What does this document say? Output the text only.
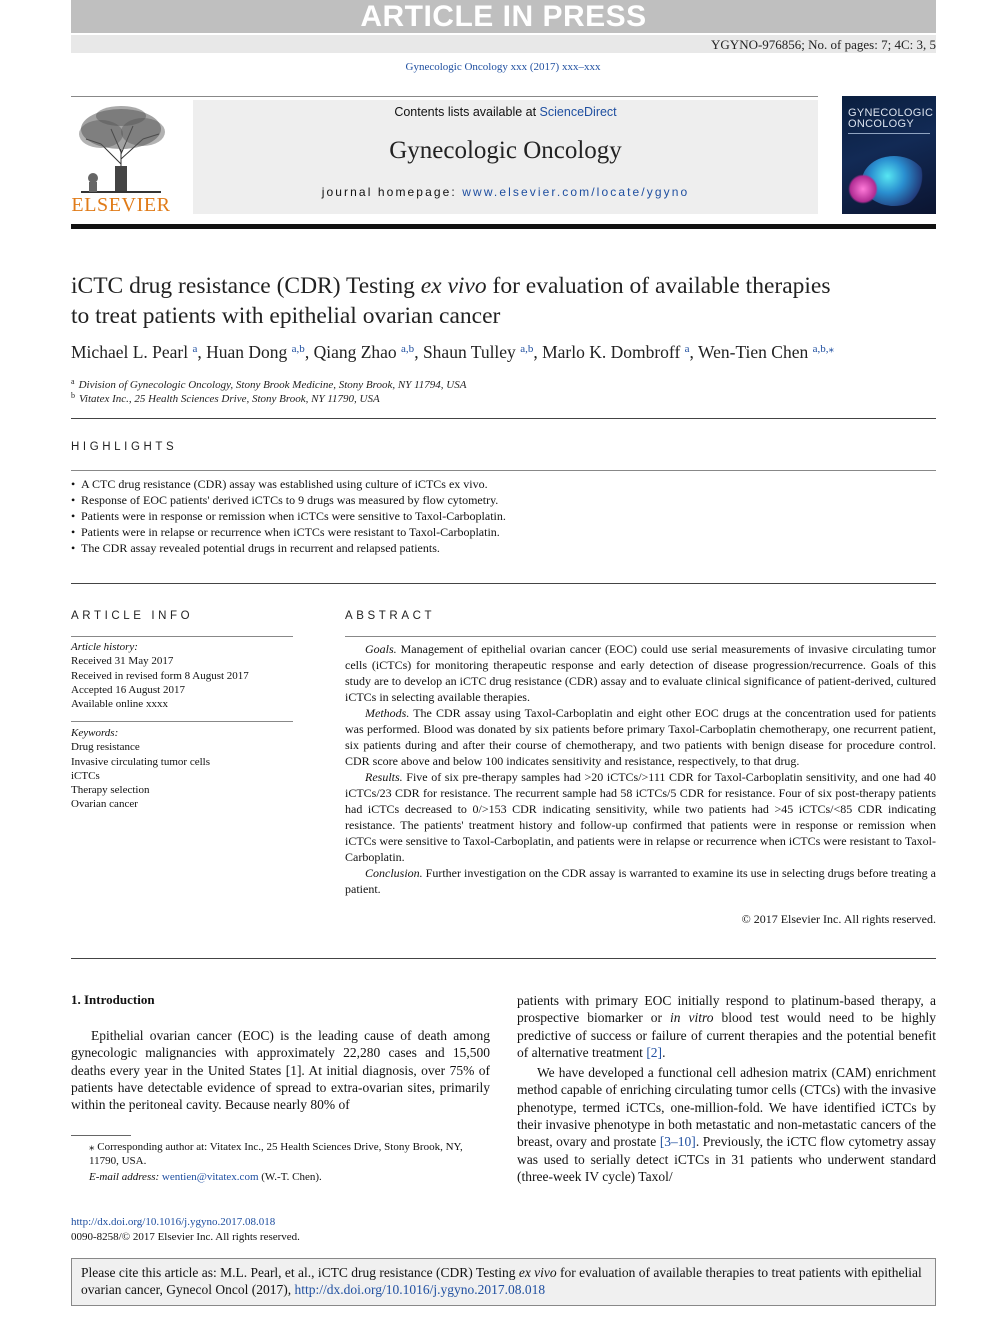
ARTICLE IN PRESS
YGYNO-976856; No. of pages: 7; 4C: 3, 5
Gynecologic Oncology xxx (2017) xxx–xxx
ELSEVIER
Contents lists available at ScienceDirect
Gynecologic Oncology
journal homepage: www.elsevier.com/locate/ygyno
GYNECOLOGIC
ONCOLOGY
iCTC drug resistance (CDR) Testing ex vivo for evaluation of available therapies to treat patients with epithelial ovarian cancer
Michael L. Pearl $^a$, Huan Dong $^{a,b}$, Qiang Zhao $^{a,b}$, Shaun Tulley $^{a,b}$, Marlo K. Dombroff $^a$, Wen-Tien Chen $^{a,b,⁎}$
$^a$ Division of Gynecologic Oncology, Stony Brook Medicine, Stony Brook, NY 11794, USA
$^b$ Vitatex Inc., 25 Health Sciences Drive, Stony Brook, NY 11790, USA
HIGHLIGHTS
• A CTC drug resistance (CDR) assay was established using culture of iCTCs ex vivo.
• Response of EOC patients' derived iCTCs to 9 drugs was measured by flow cytometry.
• Patients were in response or remission when iCTCs were sensitive to Taxol-Carboplatin.
• Patients were in relapse or recurrence when iCTCs were resistant to Taxol-Carboplatin.
• The CDR assay revealed potential drugs in recurrent and relapsed patients.
ARTICLE INFO
Article history:
Received 31 May 2017
Received in revised form 8 August 2017
Accepted 16 August 2017
Available online xxxx
Keywords:
Drug resistance
Invasive circulating tumor cells
iCTCs
Therapy selection
Ovarian cancer
ABSTRACT

Goals. Management of epithelial ovarian cancer (EOC) could use serial measurements of invasive circulating tumor cells (iCTCs) for monitoring therapeutic response and early detection of disease progression/recurrence. Goals of this study are to develop an iCTC drug resistance (CDR) assay and to evaluate clinical significance of patient-derived, cultured iCTCs in selecting available therapies.

Methods. The CDR assay using Taxol-Carboplatin and eight other EOC drugs at the concentration used for patients was performed. Blood was donated by six patients before primary Taxol-Carboplatin chemotherapy, one recurrent patient, six patients during and after their course of chemotherapy, and two patients with benign disease for procedure control. CDR score above and below 100 indicates sensitivity and resistance, respectively, to that drug.

Results. Five of six pre-therapy samples had >20 iCTCs/>111 CDR for Taxol-Carboplatin sensitivity, and one had 40 iCTCs/23 CDR for resistance. The recurrent sample had 58 iCTCs/5 CDR for resistance. Four of six post-therapy patients had iCTCs decreased to 0/>153 CDR indicating sensitivity, while two patients had >45 iCTCs/<85 CDR indicating resistance. The patients' treatment history and follow-up confirmed that patients were in response or remission when iCTCs were sensitive to Taxol-Carboplatin, and patients were in relapse or recurrence when iCTCs were resistant to Taxol-Carboplatin.

Conclusion. Further investigation on the CDR assay is warranted to examine its use in selecting drugs before treating a patient.

© 2017 Elsevier Inc. All rights reserved.
1. Introduction

Epithelial ovarian cancer (EOC) is the leading cause of death among gynecologic malignancies with approximately 22,280 cases and 15,500 deaths every year in the United States [1]. At initial diagnosis, over 75% of patients have detectable evidence of spread to extra-ovarian sites, primarily within the peritoneal cavity. Because nearly 80% of

patients with primary EOC initially respond to platinum-based therapy, a prospective biomarker or in vitro blood test would need to be highly predictive of success or failure of current therapies and the potential benefit of alternative treatment [2].

We have developed a functional cell adhesion matrix (CAM) enrichment method capable of enriching circulating tumor cells (CTCs) with the invasive phenotype, termed iCTCs, one-million-fold. We have identified iCTCs by their invasive phenotype in both metastatic and non-metastatic cancers of the breast, ovary and prostate [3–10]. Previously, the iCTC flow cytometry assay was used to serially detect iCTCs in 31 patients who underwent standard (three-week IV cycle) Taxol/

⁎ Corresponding author at: Vitatex Inc., 25 Health Sciences Drive, Stony Brook, NY, 11790, USA.
E-mail address: wentien@vitatex.com (W.-T. Chen).
http://dx.doi.org/10.1016/j.ygyno.2017.08.018
0090-8258/© 2017 Elsevier Inc. All rights reserved.
Please cite this article as: M.L. Pearl, et al., iCTC drug resistance (CDR) Testing ex vivo for evaluation of available therapies to treat patients with epithelial ovarian cancer, Gynecol Oncol (2017), http://dx.doi.org/10.1016/j.ygyno.2017.08.018
